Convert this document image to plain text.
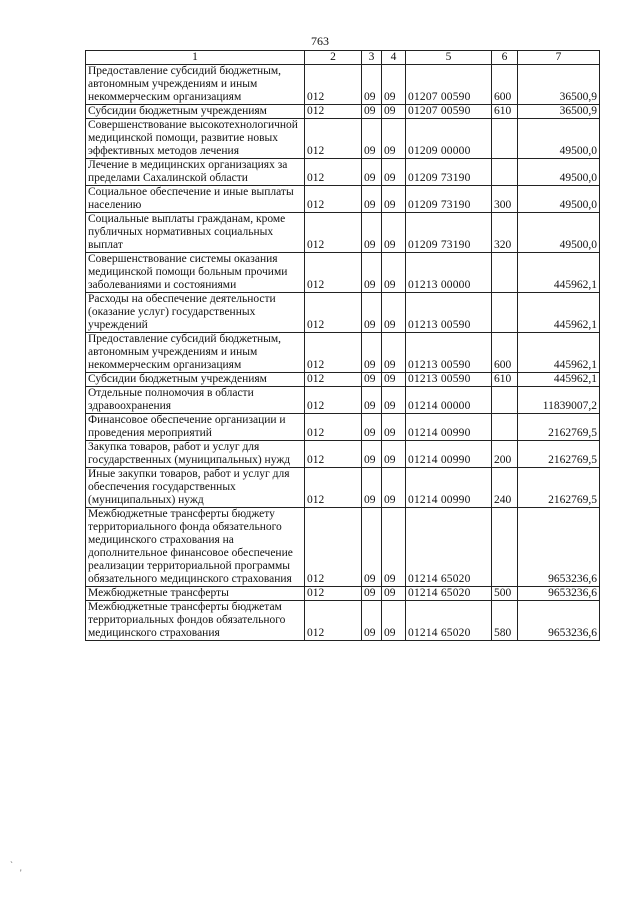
763
1	2	3	4	5	6	7
Предоставление субсидий бюджетным, автономным учреждениям и иным некоммерческим организациям	012	09	09	01207 00590	600	36500,9
Субсидии бюджетным учреждениям	012	09	09	01207 00590	610	36500,9
Совершенствование высокотехнологичной медицинской помощи, развитие новых эффективных методов лечения	012	09	09	01209 00000		49500,0
Лечение в медицинских организациях за пределами Сахалинской области	012	09	09	01209 73190		49500,0
Социальное обеспечение и иные выплаты населению	012	09	09	01209 73190	300	49500,0
Социальные выплаты гражданам, кроме публичных нормативных социальных выплат	012	09	09	01209 73190	320	49500,0
Совершенствование системы оказания медицинской помощи больным прочими заболеваниями и состояниями	012	09	09	01213 00000		445962,1
Расходы на обеспечение деятельности (оказание услуг) государственных учреждений	012	09	09	01213 00590		445962,1
Предоставление субсидий бюджетным, автономным учреждениям и иным некоммерческим организациям	012	09	09	01213 00590	600	445962,1
Субсидии бюджетным учреждениям	012	09	09	01213 00590	610	445962,1
Отдельные полномочия в области здравоохранения	012	09	09	01214 00000		11839007,2
Финансовое обеспечение организации и проведения мероприятий	012	09	09	01214 00990		2162769,5
Закупка товаров, работ и услуг для государственных (муниципальных) нужд	012	09	09	01214 00990	200	2162769,5
Иные закупки товаров, работ и услуг для обеспечения государственных (муниципальных) нужд	012	09	09	01214 00990	240	2162769,5
Межбюджетные трансферты бюджету территориального фонда обязательного медицинского страхования на дополнительное финансовое обеспечение реализации территориальной программы обязательного медицинского страхования	012	09	09	01214 65020		9653236,6
Межбюджетные трансферты	012	09	09	01214 65020	500	9653236,6
Межбюджетные трансферты бюджетам территориальных фондов обязательного медицинского страхования	012	09	09	01214 65020	580	9653236,6
`
'
